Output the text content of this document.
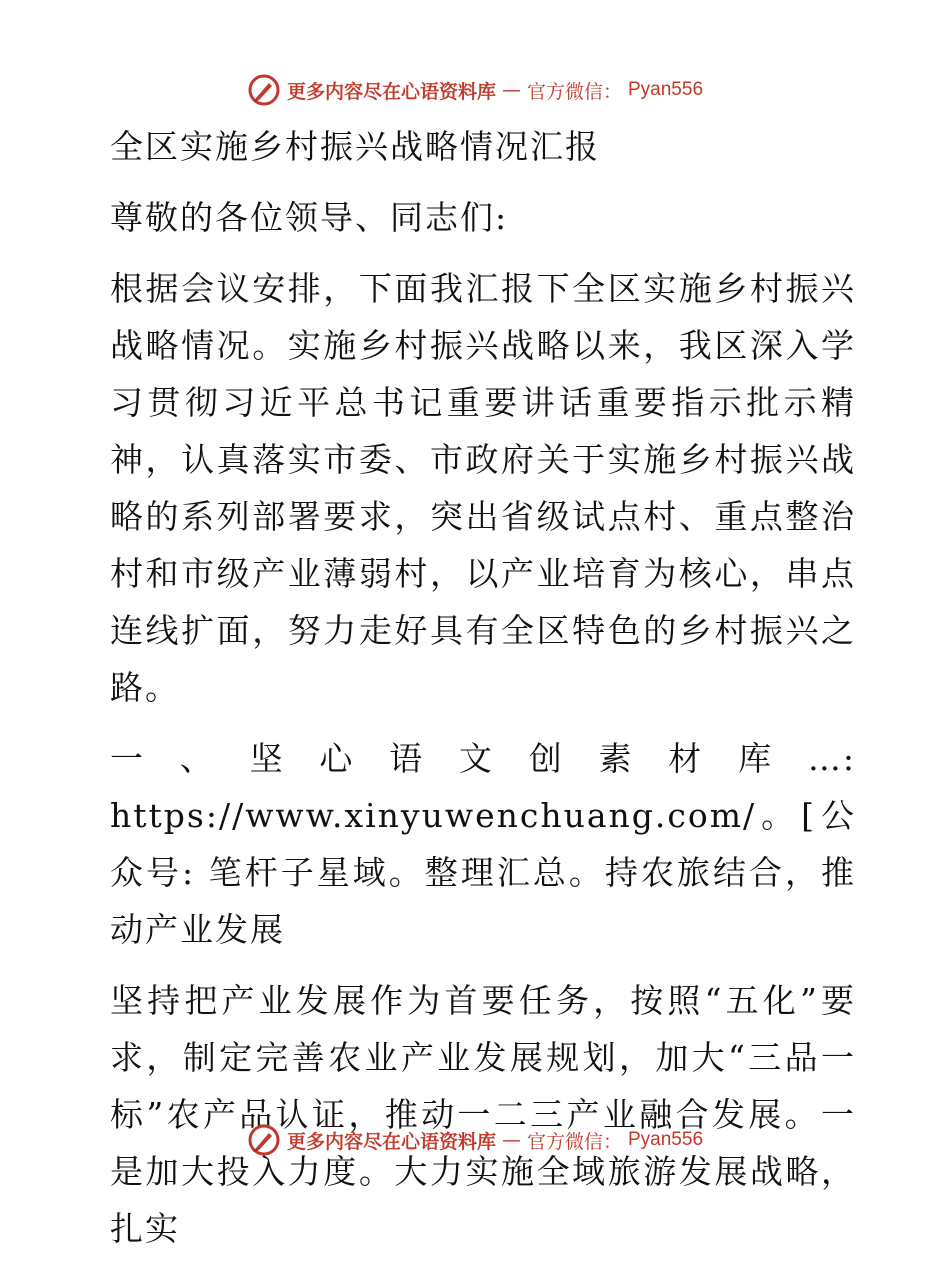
更多内容尽在心语资料库 — 官方微信： Pyan556

全区实施乡村振兴战略情况汇报

尊敬的各位领导、同志们:

根据会议安排，下面我汇报下全区实施乡村振兴战略情况。实施乡村振兴战略以来，我区深入学习贯彻习近平总书记重要讲话重要指示批示精神，认真落实市委、市政府关于实施乡村振兴战略的系列部署要求，突出省级试点村、重点整治村和市级产业薄弱村，以产业培育为核心，串点连线扩面，努力走好具有全区特色的乡村振兴之路。

一、坚心语文创素材库…: https://www.xinyuwenchuang.com/。[公众号: 笔杆子星域。整理汇总。持农旅结合，推动产业发展

坚持把产业发展作为首要任务，按照“五化”要求，制定完善农业产业发展规划，加大“三品一标”农产品认证，推动一二三产业融合发展。一是加大投入力度。大力实施全域旅游发展战略，扎实

更多内容尽在心语资料库 — 官方微信： Pyan556
